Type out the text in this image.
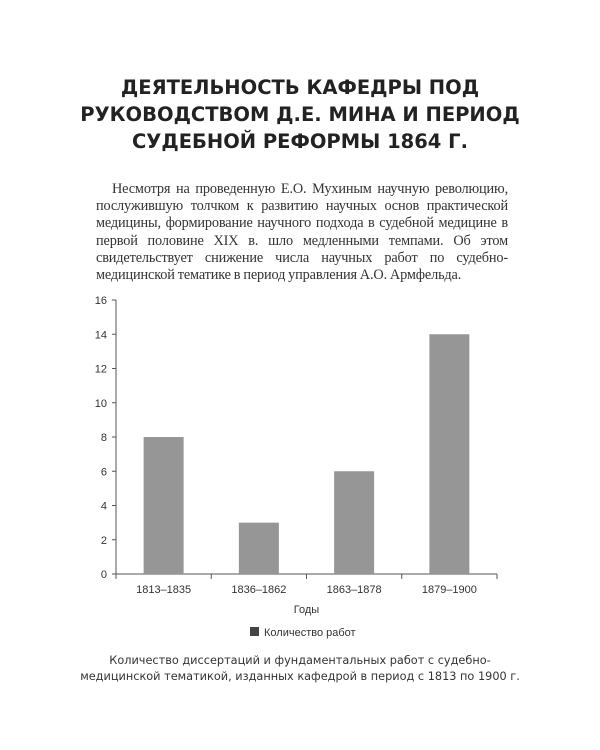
ДЕЯТЕЛЬНОСТЬ КАФЕДРЫ ПОД
РУКОВОДСТВОМ Д.Е. МИНА И ПЕРИОД
СУДЕБНОЙ РЕФОРМЫ 1864 Г.
Несмотря на проведенную Е.О. Мухиным научную революцию, послужившую толчком к развитию научных основ практической медицины, формирование научного подхода в судебной медицине в первой половине XIX в. шло медленными темпами. Об этом свидетельствует снижение числа научных работ по судебно-медицинской тематике в период управления А.О. Армфельда.
0
2
4
6
8
10
12
14
16
1813–1835	1836–1862	1863–1878	1879–1900
Годы
Количество работ
Количество диссертаций и фундаментальных работ с судебно-медицинской тематикой, изданных кафедрой в период с 1813 по 1900 г.
